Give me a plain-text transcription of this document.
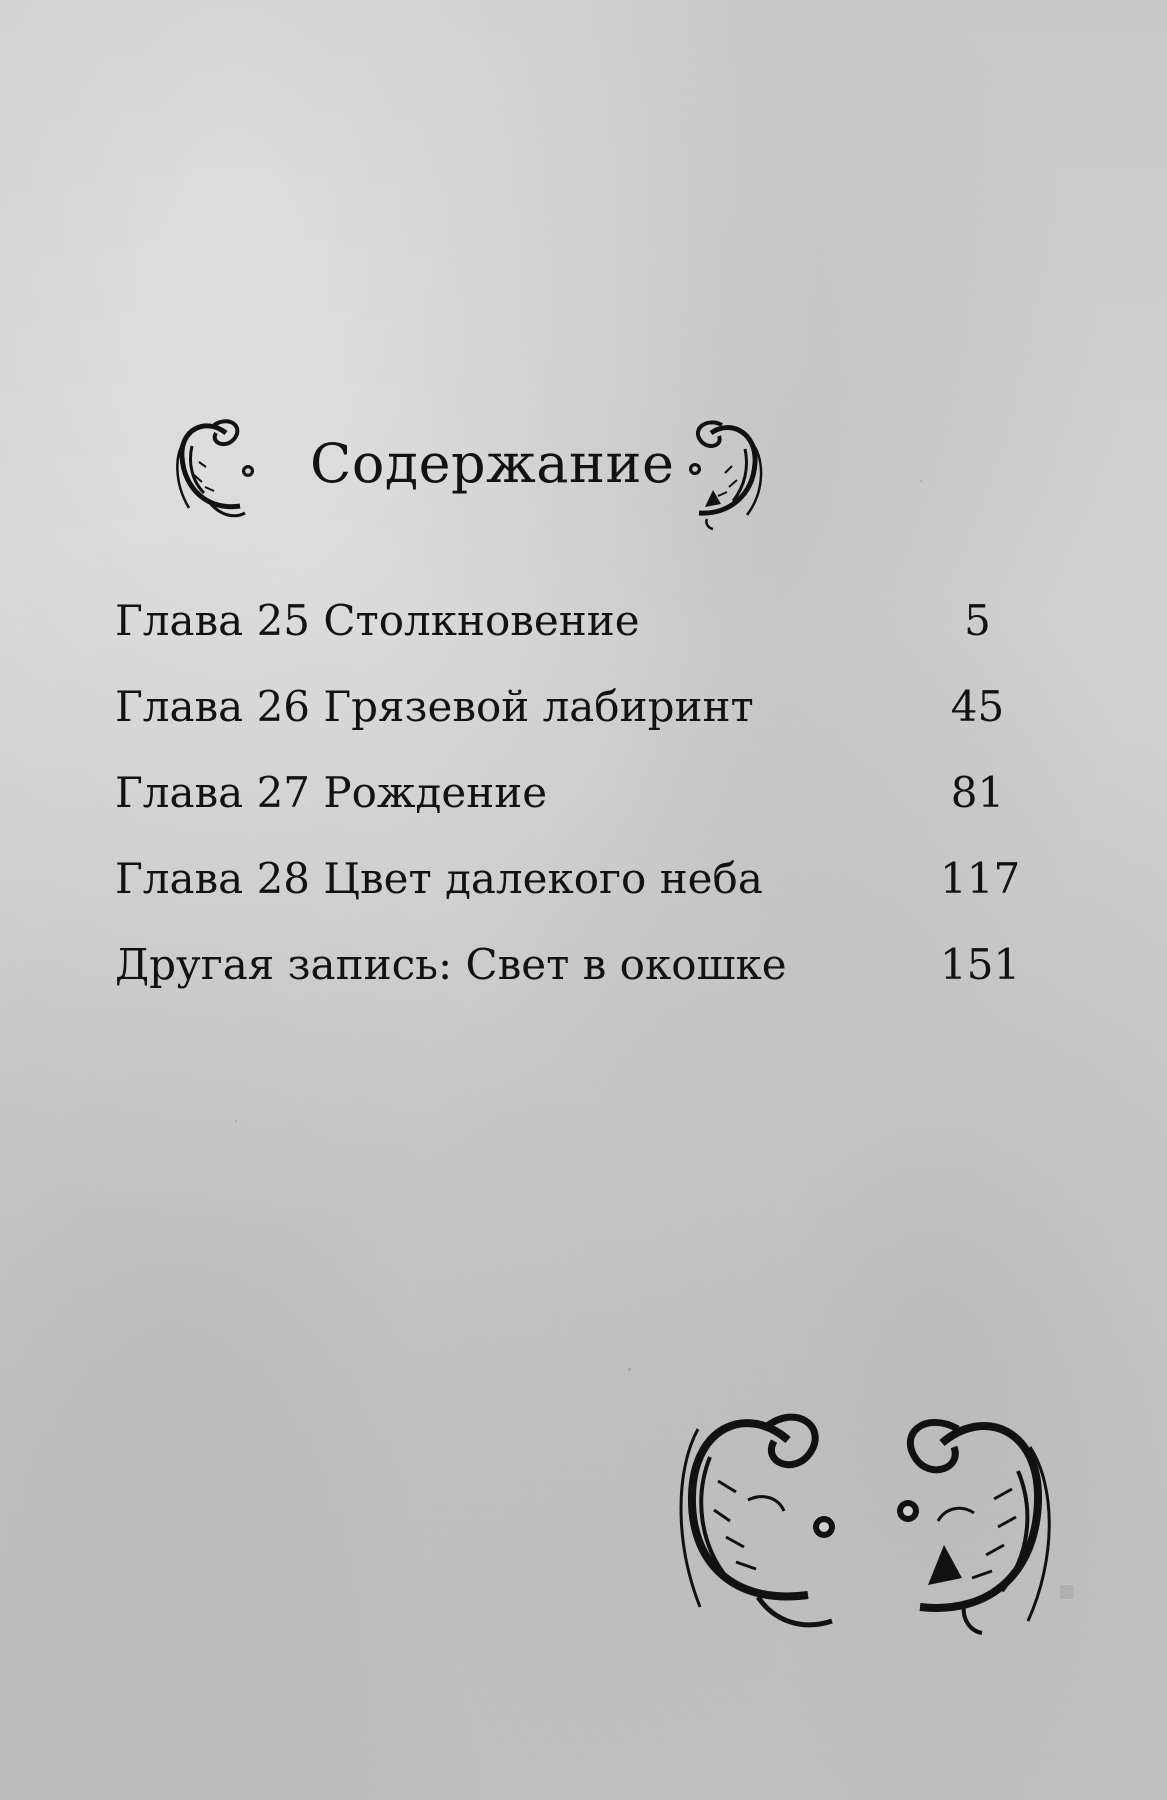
Содержание
Глава 25 Столкновение	5
Глава 26 Грязевой лабиринт	45
Глава 27 Рождение	81
Глава 28 Цвет далекого неба	117
Другая запись: Свет в окошке	151
